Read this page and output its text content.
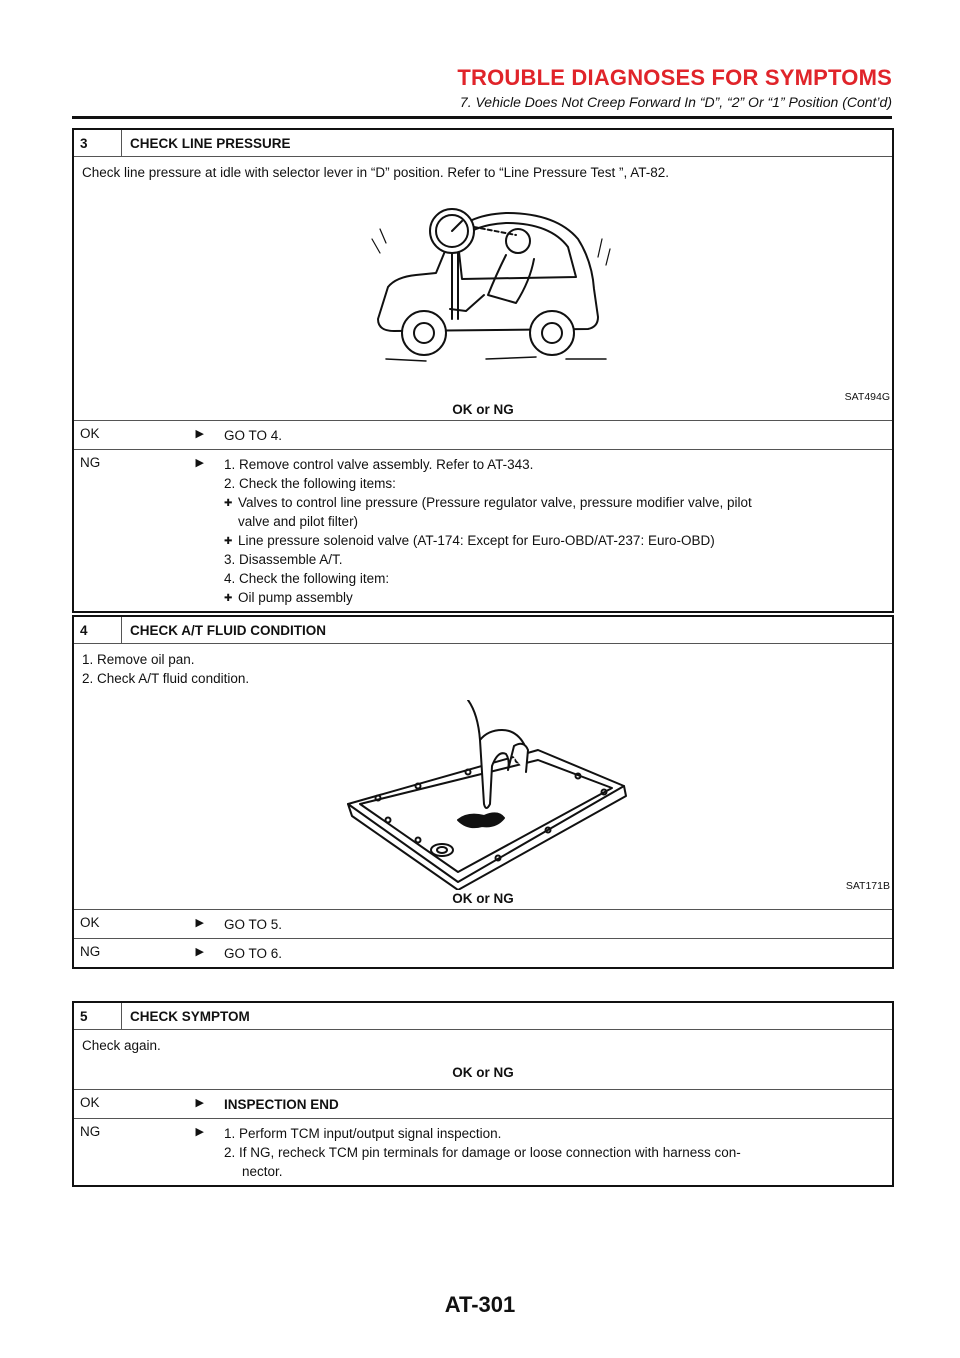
TROUBLE DIAGNOSES FOR SYMPTOMS
7. Vehicle Does Not Creep Forward In “D”, “2” Or “1” Position (Cont’d)
3	CHECK LINE PRESSURE
Check line pressure at idle with selector lever in “D” position. Refer to “Line Pressure Test ”, AT-82.
SAT494G
OK or NG
OK	▶	GO TO 4.
NG	▶ 1. Remove control valve assembly. Refer to AT-343.
2. Check the following items:
✚ Valves to control line pressure (Pressure regulator valve, pressure modifier valve, pilot
valve and pilot filter)
✚ Line pressure solenoid valve (AT-174: Except for Euro-OBD/AT-237: Euro-OBD)
3. Disassemble A/T.
4. Check the following item:
✚ Oil pump assembly
4	CHECK A/T FLUID CONDITION
1. Remove oil pan.
2. Check A/T fluid condition.
SAT171B
OK or NG
OK	▶	GO TO 5.
NG	▶	GO TO 6.
5	CHECK SYMPTOM
Check again.
OK or NG
OK	▶	INSPECTION END
NG	▶ 1. Perform TCM input/output signal inspection.
2. If NG, recheck TCM pin terminals for damage or loose connection with harness con-
nector.
AT-301
